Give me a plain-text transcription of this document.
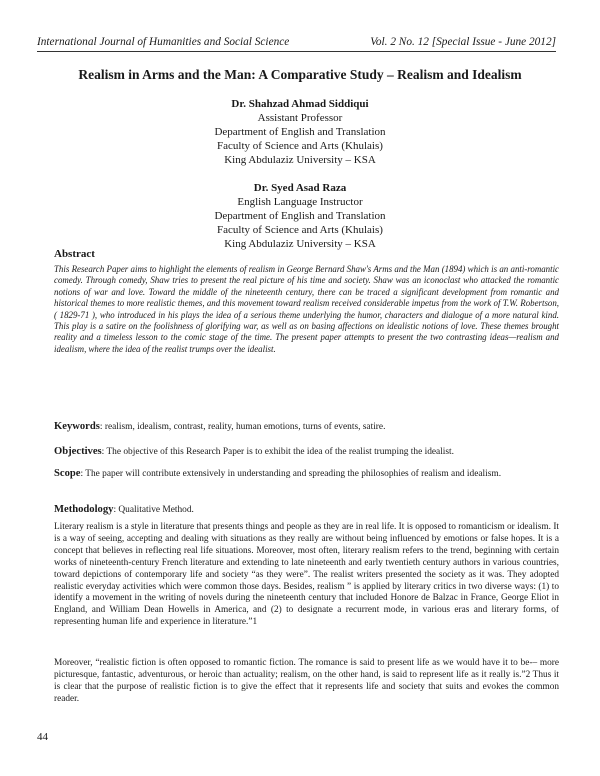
International Journal of Humanities and Social Science	Vol. 2 No. 12 [Special Issue - June 2012]
Realism in Arms and the Man: A Comparative Study – Realism and Idealism
Dr. Shahzad Ahmad Siddiqui
Assistant Professor
Department of English and Translation
Faculty of Science and Arts (Khulais)
King Abdulaziz University – KSA
Dr. Syed Asad Raza
English Language Instructor
Department of English and Translation
Faculty of Science and Arts (Khulais)
King Abdulaziz University – KSA
Abstract
This Research Paper aims to highlight the elements of realism in George Bernard Shaw's Arms and the Man (1894) which is an anti-romantic comedy. Through comedy, Shaw tries to present the real picture of his time and society. Shaw was an iconoclast who attacked the romantic notions of war and love. Toward the middle of the nineteenth century, there can be traced a significant development from romantic and historical themes to more realistic themes, and this movement toward realism received considerable impetus from the work of T.W. Robertson, ( 1829-71 ), who introduced in his plays the idea of a serious theme underlying the humor, characters and dialogue of a more natural kind. This play is a satire on the foolishness of glorifying war, as well as on basing affections on idealistic notions of love. These themes brought reality and a timeless lesson to the comic stage of the time. The present paper attempts to present the two contrasting ideas—realism and idealism, where the idea of the realist trumps over the idealist.
Keywords: realism, idealism, contrast, reality, human emotions, turns of events, satire.
Objectives: The objective of this Research Paper is to exhibit the idea of the realist trumping the idealist.
Scope: The paper will contribute extensively in understanding and spreading the philosophies of realism and idealism.
Methodology: Qualitative Method.
Literary realism is a style in literature that presents things and people as they are in real life. It is opposed to romanticism or idealism. It is a way of seeing, accepting and dealing with situations as they really are without being influenced by emotions or false hopes. It is a concept that believes in reflecting real life situations. Moreover, most often, literary realism refers to the trend, beginning with certain works of nineteenth-century French literature and extending to late nineteenth and early twentieth century authors in various countries, toward depictions of contemporary life and society “as they were”. The realist writers presented the society as it was. They adopted realistic everyday activities which were common those days. Besides, realism ” is applied by literary critics in two diverse ways: (1) to identify a movement in the writing of novels during the nineteenth century that included Honore de Balzac in France, George Eliot in England, and William Dean Howells in America, and (2) to designate a recurrent mode, in various eras and literary forms, of representing human life and experience in literature.”1
Moreover, “realistic fiction is often opposed to romantic fiction. The romance is said to present life as we would have it to be-– more picturesque, fantastic, adventurous, or heroic than actuality; realism, on the other hand, is said to represent life as it really is.”2 Thus it is clear that the purpose of realistic fiction is to give the effect that it represents life and society that suits and evokes the common reader.
44
